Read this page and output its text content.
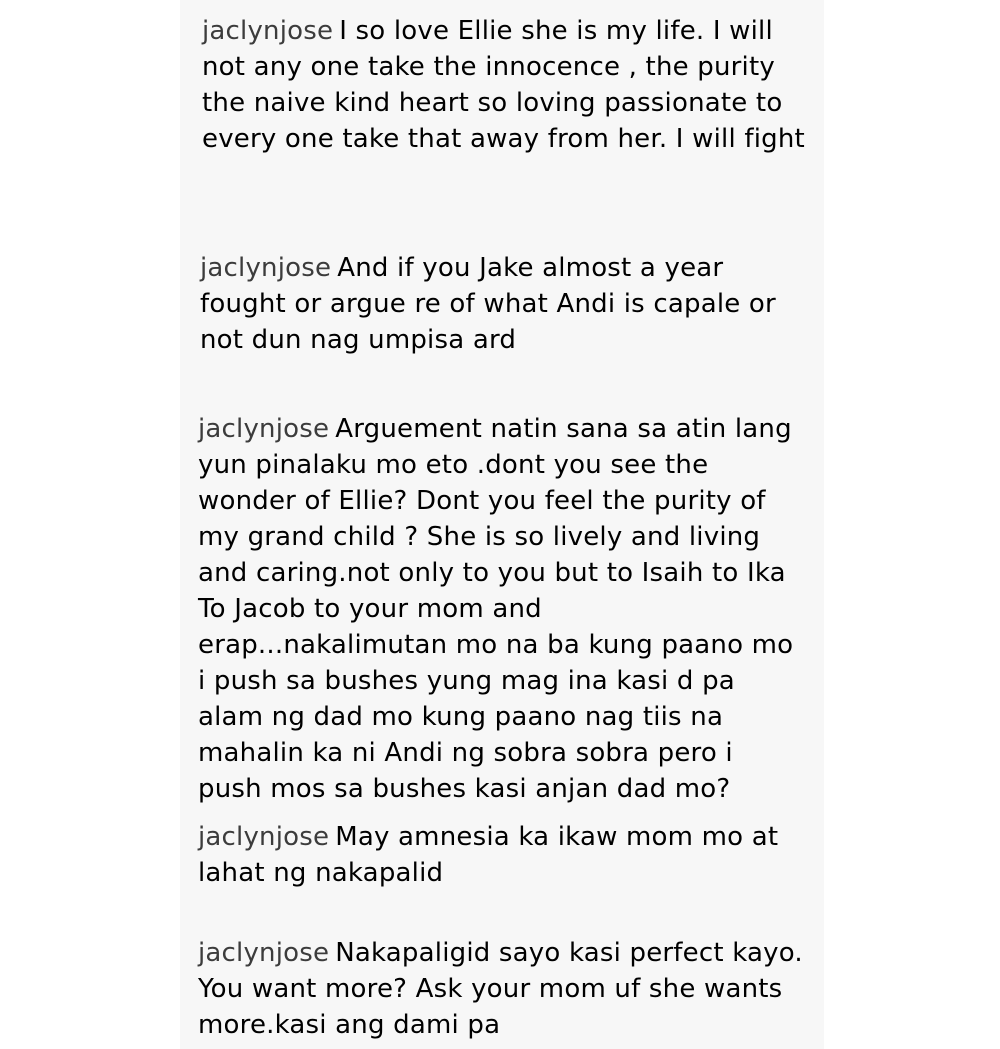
jaclynjose I so love Ellie she is my life. I will not any one take the innocence , the purity the naive kind heart so loving passionate to every one take that away from her. I will fight

jaclynjose And if you Jake almost a year fought or argue re of what Andi is capale or not dun nag umpisa ard

jaclynjose Arguement natin sana sa atin lang yun pinalaku mo eto .dont you see the wonder of Ellie? Dont you feel the purity of my grand child ? She is so lively and living and caring.not only to you but to Isaih to Ika To Jacob to your mom and erap...nakalimutan mo na ba kung paano mo i push sa bushes yung mag ina kasi d pa alam ng dad mo kung paano nag tiis na mahalin ka ni Andi ng sobra sobra pero i push mos sa bushes kasi anjan dad mo?

jaclynjose May amnesia ka ikaw mom mo at lahat ng nakapalid

jaclynjose Nakapaligid sayo kasi perfect kayo. You want more? Ask your mom uf she wants more.kasi ang dami pa
